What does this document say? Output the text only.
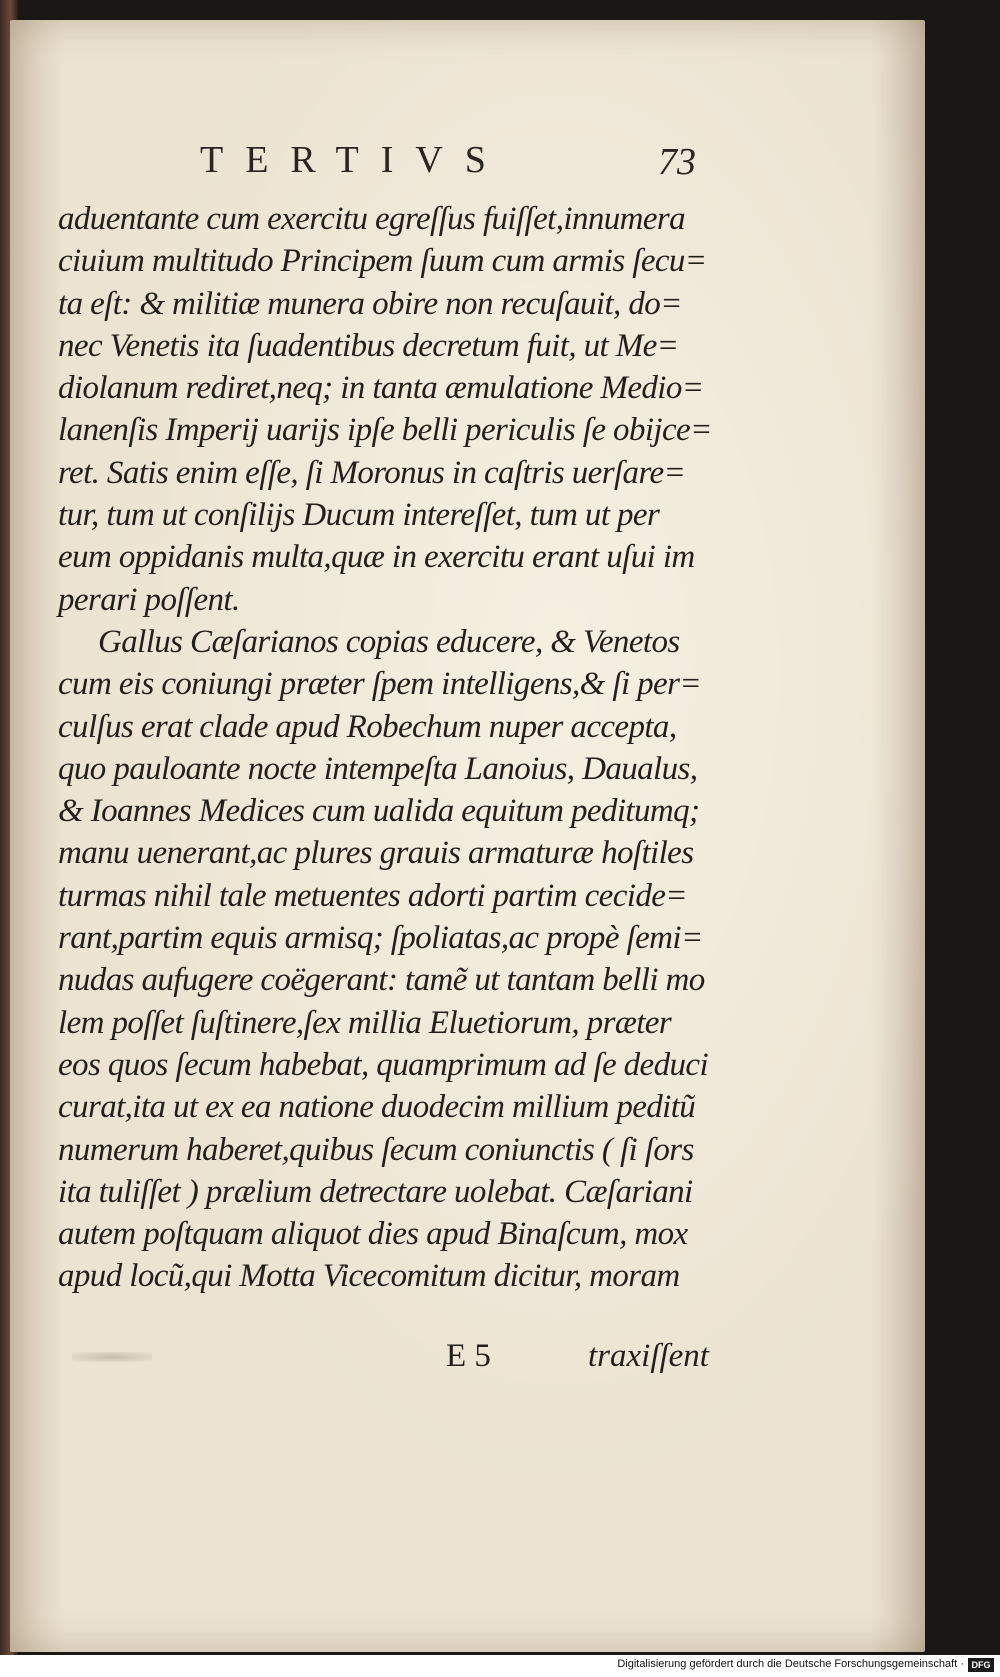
TERTIVS	73
aduentante cum exercitu egreſſus fuiſſet,innumera
ciuium multitudo Principem ſuum cum armis ſecu=
ta eſt: & militiæ munera obire non recuſauit, do=
nec Venetis ita ſuadentibus decretum fuit, ut Me=
diolanum rediret,neq; in tanta æmulatione Medio=
lanenſis Imperij uarijs ipſe belli periculis ſe obijce=
ret. Satis enim eſſe, ſi Moronus in caſtris uerſare=
tur, tum ut conſilijs Ducum intereſſet, tum ut per
eum oppidanis multa,quæ in exercitu erant uſui im
perari poſſent.
Gallus Cæſarianos copias educere, & Venetos
cum eis coniungi præter ſpem intelligens,& ſi per=
culſus erat clade apud Robechum nuper accepta,
quo pauloante nocte intempeſta Lanoius, Daualus,
& Ioannes Medices cum ualida equitum peditumq;
manu uenerant,ac plures grauis armaturæ hoſtiles
turmas nihil tale metuentes adorti partim cecide=
rant,partim equis armisq; ſpoliatas,ac propè ſemi=
nudas aufugere coëgerant: tamẽ ut tantam belli mo
lem poſſet ſuſtinere,ſex millia Eluetiorum, præter
eos quos ſecum habebat, quamprimum ad ſe deduci
curat,ita ut ex ea natione duodecim millium peditũ
numerum haberet,quibus ſecum coniunctis ( ſi ſors
ita tuliſſet ) prælium detrectare uolebat. Cæſariani
autem poſtquam aliquot dies apud Binaſcum, mox
apud locũ,qui Motta Vicecomitum dicitur, moram
E 5	traxiſſent
Digitalisierung gefördert durch die Deutsche Forschungsgemeinschaft · DFG
